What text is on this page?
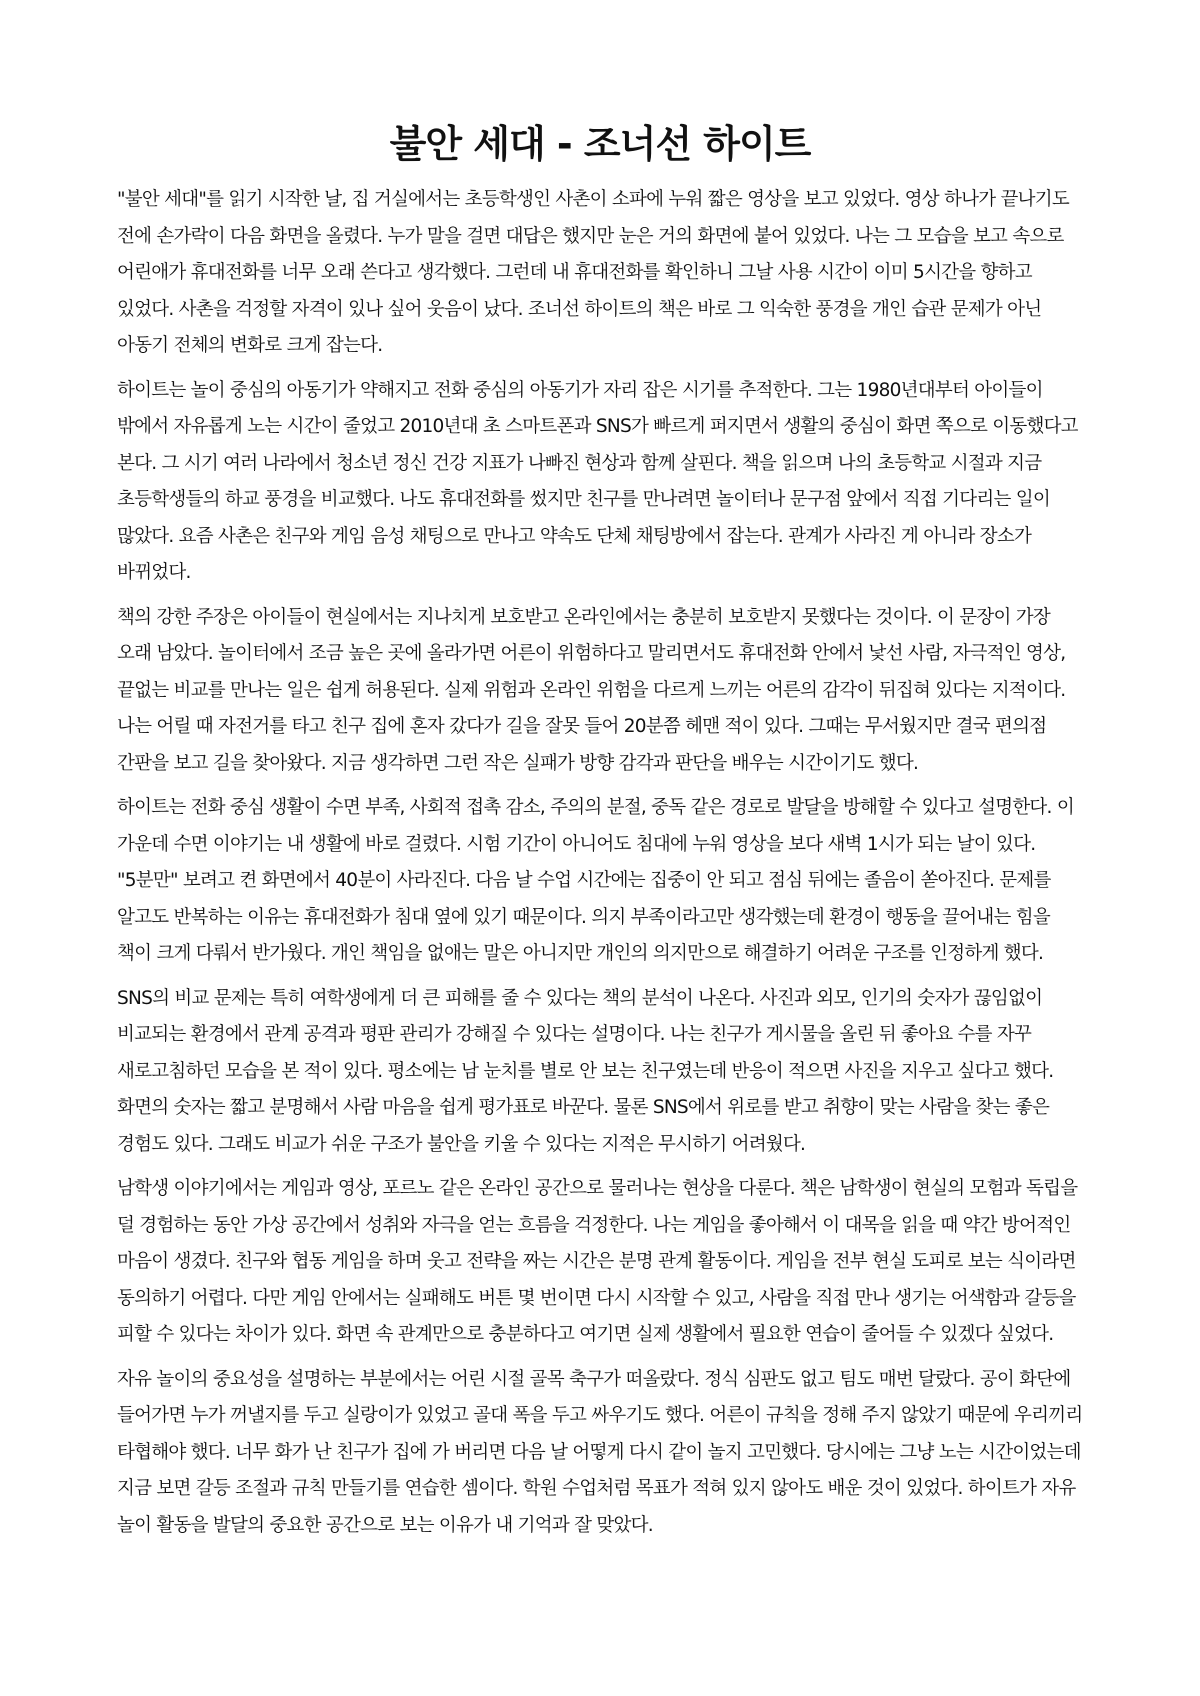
불안 세대 - 조너선 하이트

"불안 세대"를 읽기 시작한 날, 집 거실에서는 초등학생인 사촌이 소파에 누워 짧은 영상을 보고 있었다. 영상 하나가 끝나기도 전에 손가락이 다음 화면을 올렸다. 누가 말을 걸면 대답은 했지만 눈은 거의 화면에 붙어 있었다. 나는 그 모습을 보고 속으로 어린애가 휴대전화를 너무 오래 쓴다고 생각했다. 그런데 내 휴대전화를 확인하니 그날 사용 시간이 이미 5시간을 향하고 있었다. 사촌을 걱정할 자격이 있나 싶어 웃음이 났다. 조너선 하이트의 책은 바로 그 익숙한 풍경을 개인 습관 문제가 아닌 아동기 전체의 변화로 크게 잡는다.

하이트는 놀이 중심의 아동기가 약해지고 전화 중심의 아동기가 자리 잡은 시기를 추적한다. 그는 1980년대부터 아이들이 밖에서 자유롭게 노는 시간이 줄었고 2010년대 초 스마트폰과 SNS가 빠르게 퍼지면서 생활의 중심이 화면 쪽으로 이동했다고 본다. 그 시기 여러 나라에서 청소년 정신 건강 지표가 나빠진 현상과 함께 살핀다. 책을 읽으며 나의 초등학교 시절과 지금 초등학생들의 하교 풍경을 비교했다. 나도 휴대전화를 썼지만 친구를 만나려면 놀이터나 문구점 앞에서 직접 기다리는 일이 많았다. 요즘 사촌은 친구와 게임 음성 채팅으로 만나고 약속도 단체 채팅방에서 잡는다. 관계가 사라진 게 아니라 장소가 바뀌었다.

책의 강한 주장은 아이들이 현실에서는 지나치게 보호받고 온라인에서는 충분히 보호받지 못했다는 것이다. 이 문장이 가장 오래 남았다. 놀이터에서 조금 높은 곳에 올라가면 어른이 위험하다고 말리면서도 휴대전화 안에서 낯선 사람, 자극적인 영상, 끝없는 비교를 만나는 일은 쉽게 허용된다. 실제 위험과 온라인 위험을 다르게 느끼는 어른의 감각이 뒤집혀 있다는 지적이다. 나는 어릴 때 자전거를 타고 친구 집에 혼자 갔다가 길을 잘못 들어 20분쯤 헤맨 적이 있다. 그때는 무서웠지만 결국 편의점 간판을 보고 길을 찾아왔다. 지금 생각하면 그런 작은 실패가 방향 감각과 판단을 배우는 시간이기도 했다.

하이트는 전화 중심 생활이 수면 부족, 사회적 접촉 감소, 주의의 분절, 중독 같은 경로로 발달을 방해할 수 있다고 설명한다. 이 가운데 수면 이야기는 내 생활에 바로 걸렸다. 시험 기간이 아니어도 침대에 누워 영상을 보다 새벽 1시가 되는 날이 있다. "5분만" 보려고 켠 화면에서 40분이 사라진다. 다음 날 수업 시간에는 집중이 안 되고 점심 뒤에는 졸음이 쏟아진다. 문제를 알고도 반복하는 이유는 휴대전화가 침대 옆에 있기 때문이다. 의지 부족이라고만 생각했는데 환경이 행동을 끌어내는 힘을 책이 크게 다뤄서 반가웠다. 개인 책임을 없애는 말은 아니지만 개인의 의지만으로 해결하기 어려운 구조를 인정하게 했다.

SNS의 비교 문제는 특히 여학생에게 더 큰 피해를 줄 수 있다는 책의 분석이 나온다. 사진과 외모, 인기의 숫자가 끊임없이 비교되는 환경에서 관계 공격과 평판 관리가 강해질 수 있다는 설명이다. 나는 친구가 게시물을 올린 뒤 좋아요 수를 자꾸 새로고침하던 모습을 본 적이 있다. 평소에는 남 눈치를 별로 안 보는 친구였는데 반응이 적으면 사진을 지우고 싶다고 했다. 화면의 숫자는 짧고 분명해서 사람 마음을 쉽게 평가표로 바꾼다. 물론 SNS에서 위로를 받고 취향이 맞는 사람을 찾는 좋은 경험도 있다. 그래도 비교가 쉬운 구조가 불안을 키울 수 있다는 지적은 무시하기 어려웠다.

남학생 이야기에서는 게임과 영상, 포르노 같은 온라인 공간으로 물러나는 현상을 다룬다. 책은 남학생이 현실의 모험과 독립을 덜 경험하는 동안 가상 공간에서 성취와 자극을 얻는 흐름을 걱정한다. 나는 게임을 좋아해서 이 대목을 읽을 때 약간 방어적인 마음이 생겼다. 친구와 협동 게임을 하며 웃고 전략을 짜는 시간은 분명 관계 활동이다. 게임을 전부 현실 도피로 보는 식이라면 동의하기 어렵다. 다만 게임 안에서는 실패해도 버튼 몇 번이면 다시 시작할 수 있고, 사람을 직접 만나 생기는 어색함과 갈등을 피할 수 있다는 차이가 있다. 화면 속 관계만으로 충분하다고 여기면 실제 생활에서 필요한 연습이 줄어들 수 있겠다 싶었다.

자유 놀이의 중요성을 설명하는 부분에서는 어린 시절 골목 축구가 떠올랐다. 정식 심판도 없고 팀도 매번 달랐다. 공이 화단에 들어가면 누가 꺼낼지를 두고 실랑이가 있었고 골대 폭을 두고 싸우기도 했다. 어른이 규칙을 정해 주지 않았기 때문에 우리끼리 타협해야 했다. 너무 화가 난 친구가 집에 가 버리면 다음 날 어떻게 다시 같이 놀지 고민했다. 당시에는 그냥 노는 시간이었는데 지금 보면 갈등 조절과 규칙 만들기를 연습한 셈이다. 학원 수업처럼 목표가 적혀 있지 않아도 배운 것이 있었다. 하이트가 자유 놀이 활동을 발달의 중요한 공간으로 보는 이유가 내 기억과 잘 맞았다.
